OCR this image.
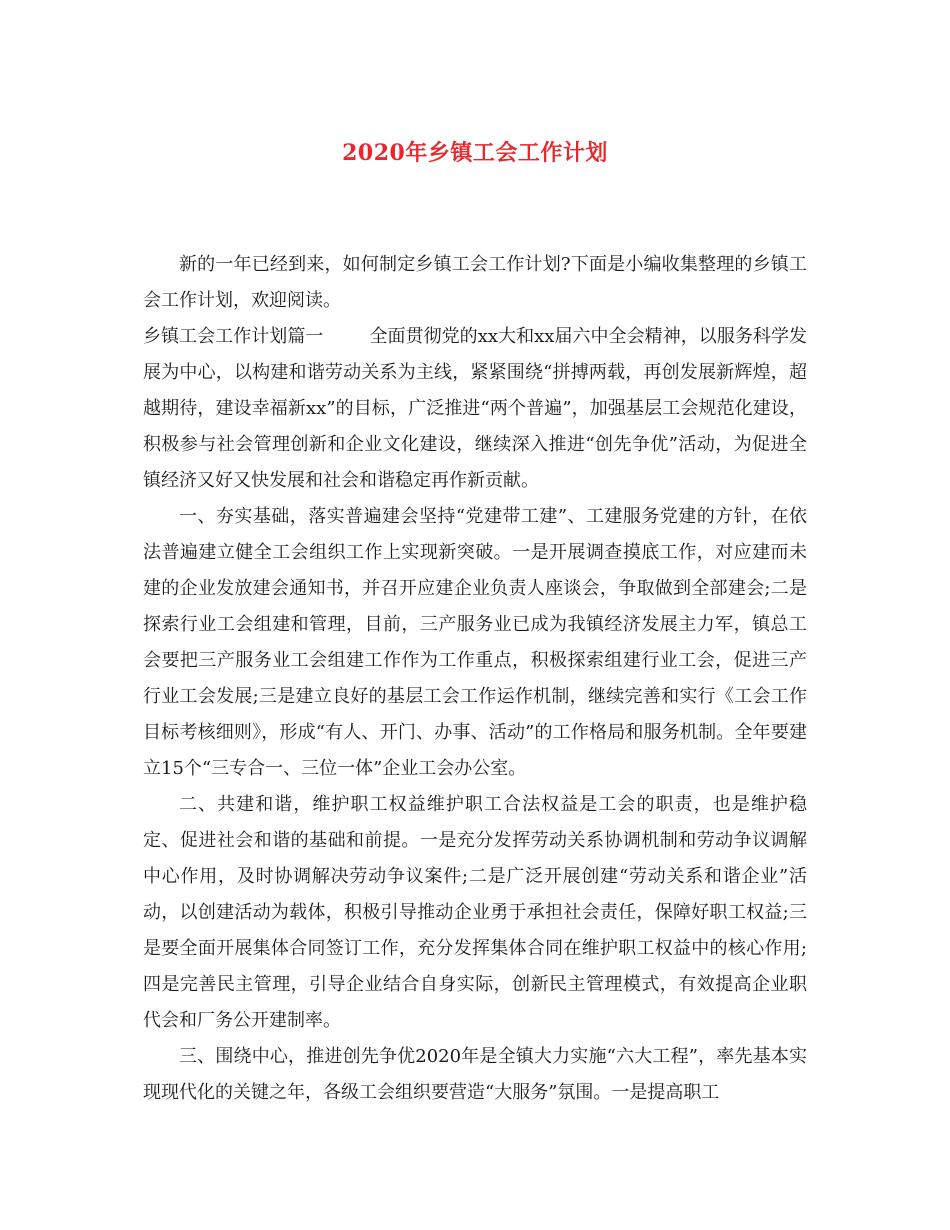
2020年乡镇工会工作计划

新的一年已经到来，如何制定乡镇工会工作计划?下面是小编收集整理的乡镇工会工作计划，欢迎阅读。

乡镇工会工作计划篇一	全面贯彻党的xx大和xx届六中全会精神，以服务科学发展为中心，以构建和谐劳动关系为主线，紧紧围绕“拼搏两载，再创发展新辉煌，超越期待，建设幸福新xx”的目标，广泛推进“两个普遍”，加强基层工会规范化建设，积极参与社会管理创新和企业文化建设，继续深入推进“创先争优”活动，为促进全镇经济又好又快发展和社会和谐稳定再作新贡献。

一、夯实基础，落实普遍建会坚持“党建带工建”、工建服务党建的方针，在依法普遍建立健全工会组织工作上实现新突破。一是开展调查摸底工作，对应建而未建的企业发放建会通知书，并召开应建企业负责人座谈会，争取做到全部建会;二是探索行业工会组建和管理，目前，三产服务业已成为我镇经济发展主力军，镇总工会要把三产服务业工会组建工作作为工作重点，积极探索组建行业工会，促进三产行业工会发展;三是建立良好的基层工会工作运作机制，继续完善和实行《工会工作目标考核细则》，形成“有人、开门、办事、活动”的工作格局和服务机制。全年要建立15个“三专合一、三位一体”企业工会办公室。

二、共建和谐，维护职工权益维护职工合法权益是工会的职责，也是维护稳定、促进社会和谐的基础和前提。一是充分发挥劳动关系协调机制和劳动争议调解中心作用，及时协调解决劳动争议案件;二是广泛开展创建“劳动关系和谐企业”活动，以创建活动为载体，积极引导推动企业勇于承担社会责任，保障好职工权益;三是要全面开展集体合同签订工作，充分发挥集体合同在维护职工权益中的核心作用;四是完善民主管理，引导企业结合自身实际，创新民主管理模式，有效提高企业职代会和厂务公开建制率。

三、围绕中心，推进创先争优2020年是全镇大力实施“六大工程”，率先基本实现现代化的关键之年，各级工会组织要营造“大服务”氛围。一是提高职工
